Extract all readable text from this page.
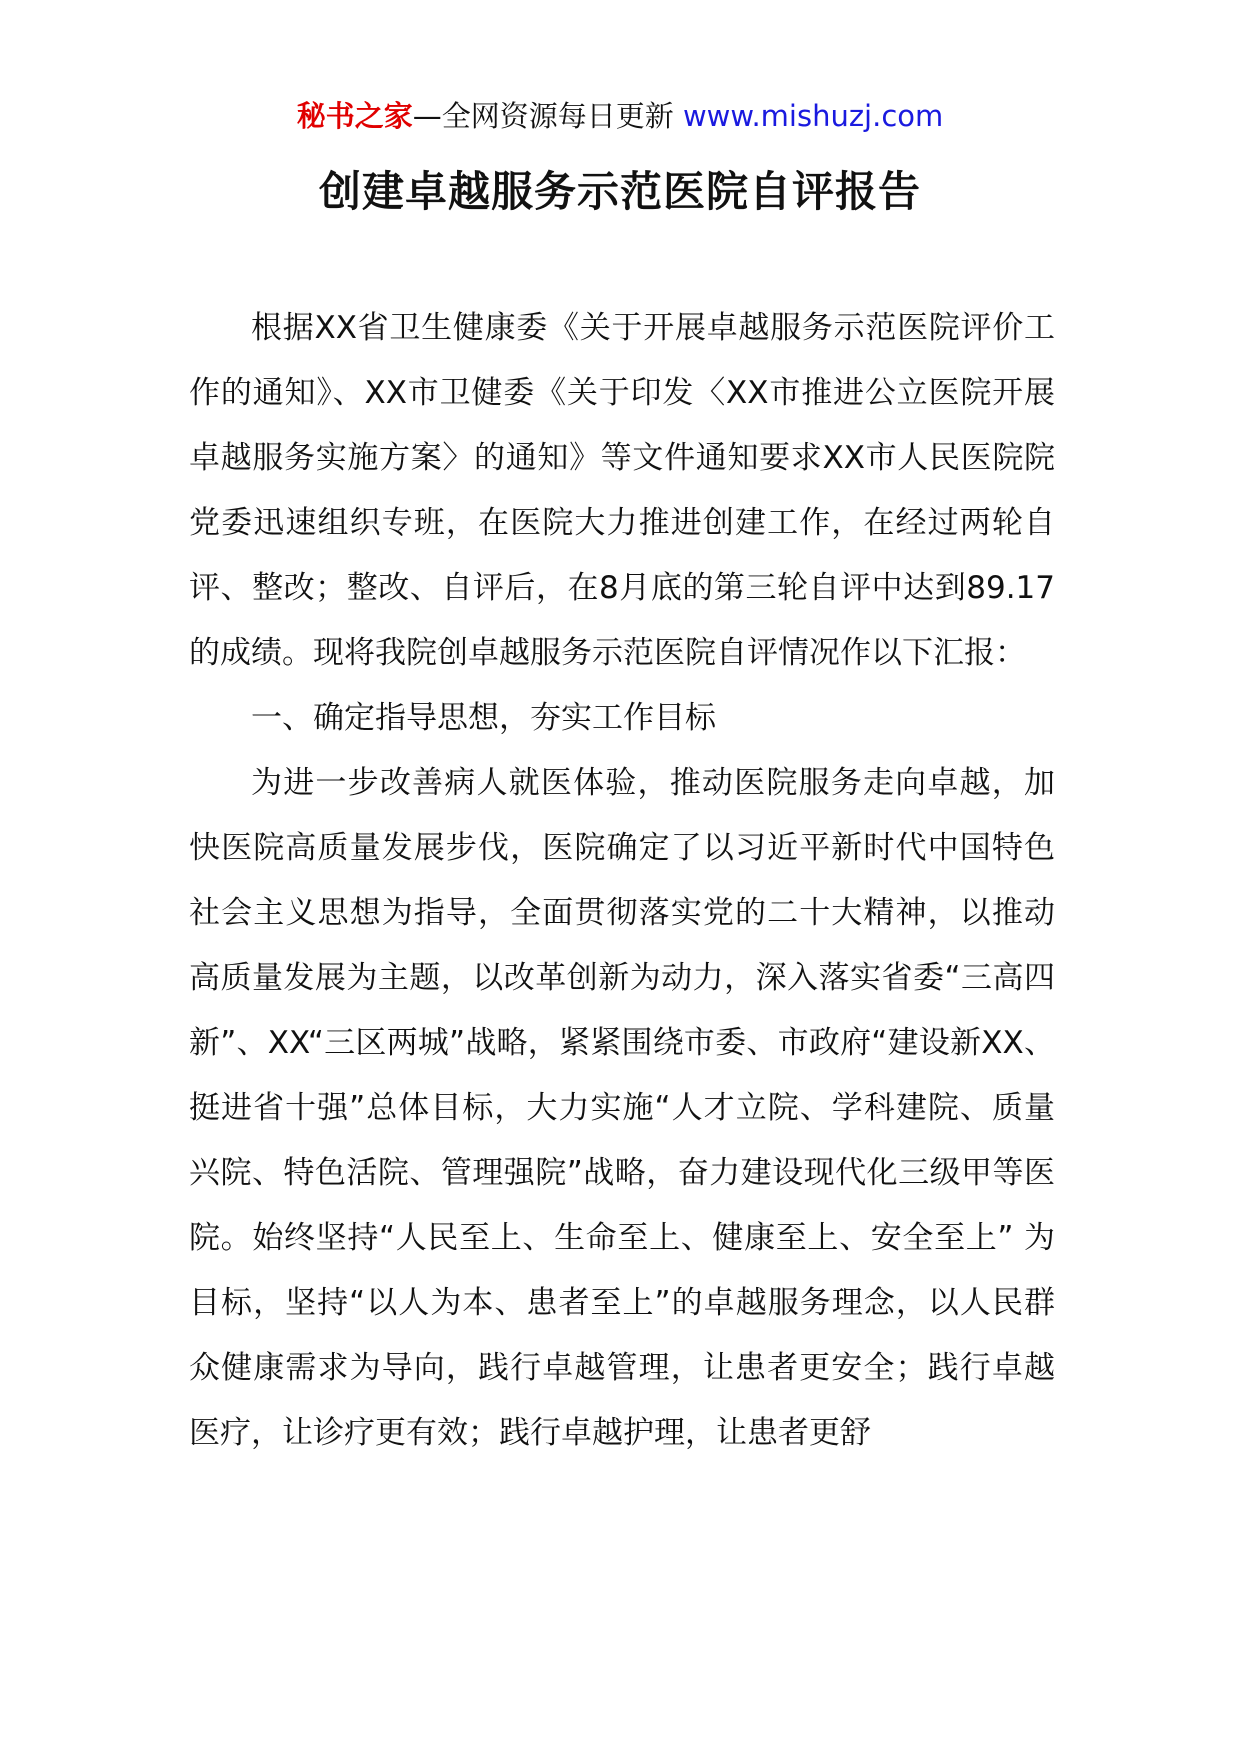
秘书之家—全网资源每日更新 www.mishuzj.com
创建卓越服务示范医院自评报告

根据XX省卫生健康委《关于开展卓越服务示范医院评价工作的通知》、XX市卫健委《关于印发〈XX市推进公立医院开展卓越服务实施方案〉的通知》等文件通知要求XX市人民医院院党委迅速组织专班，在医院大力推进创建工作，在经过两轮自评、整改；整改、自评后，在8月底的第三轮自评中达到89.17的成绩。现将我院创卓越服务示范医院自评情况作以下汇报：

一、确定指导思想，夯实工作目标

为进一步改善病人就医体验，推动医院服务走向卓越，加快医院高质量发展步伐，医院确定了以习近平新时代中国特色社会主义思想为指导，全面贯彻落实党的二十大精神，以推动高质量发展为主题，以改革创新为动力，深入落实省委“三高四新”、XX“三区两城”战略，紧紧围绕市委、市政府“建设新XX、挺进省十强”总体目标，大力实施“人才立院、学科建院、质量兴院、特色活院、管理强院”战略，奋力建设现代化三级甲等医院。始终坚持“人民至上、生命至上、健康至上、安全至上” 为目标，坚持“以人为本、患者至上”的卓越服务理念，以人民群众健康需求为导向，践行卓越管理，让患者更安全；践行卓越医疗，让诊疗更有效；践行卓越护理，让患者更舒
